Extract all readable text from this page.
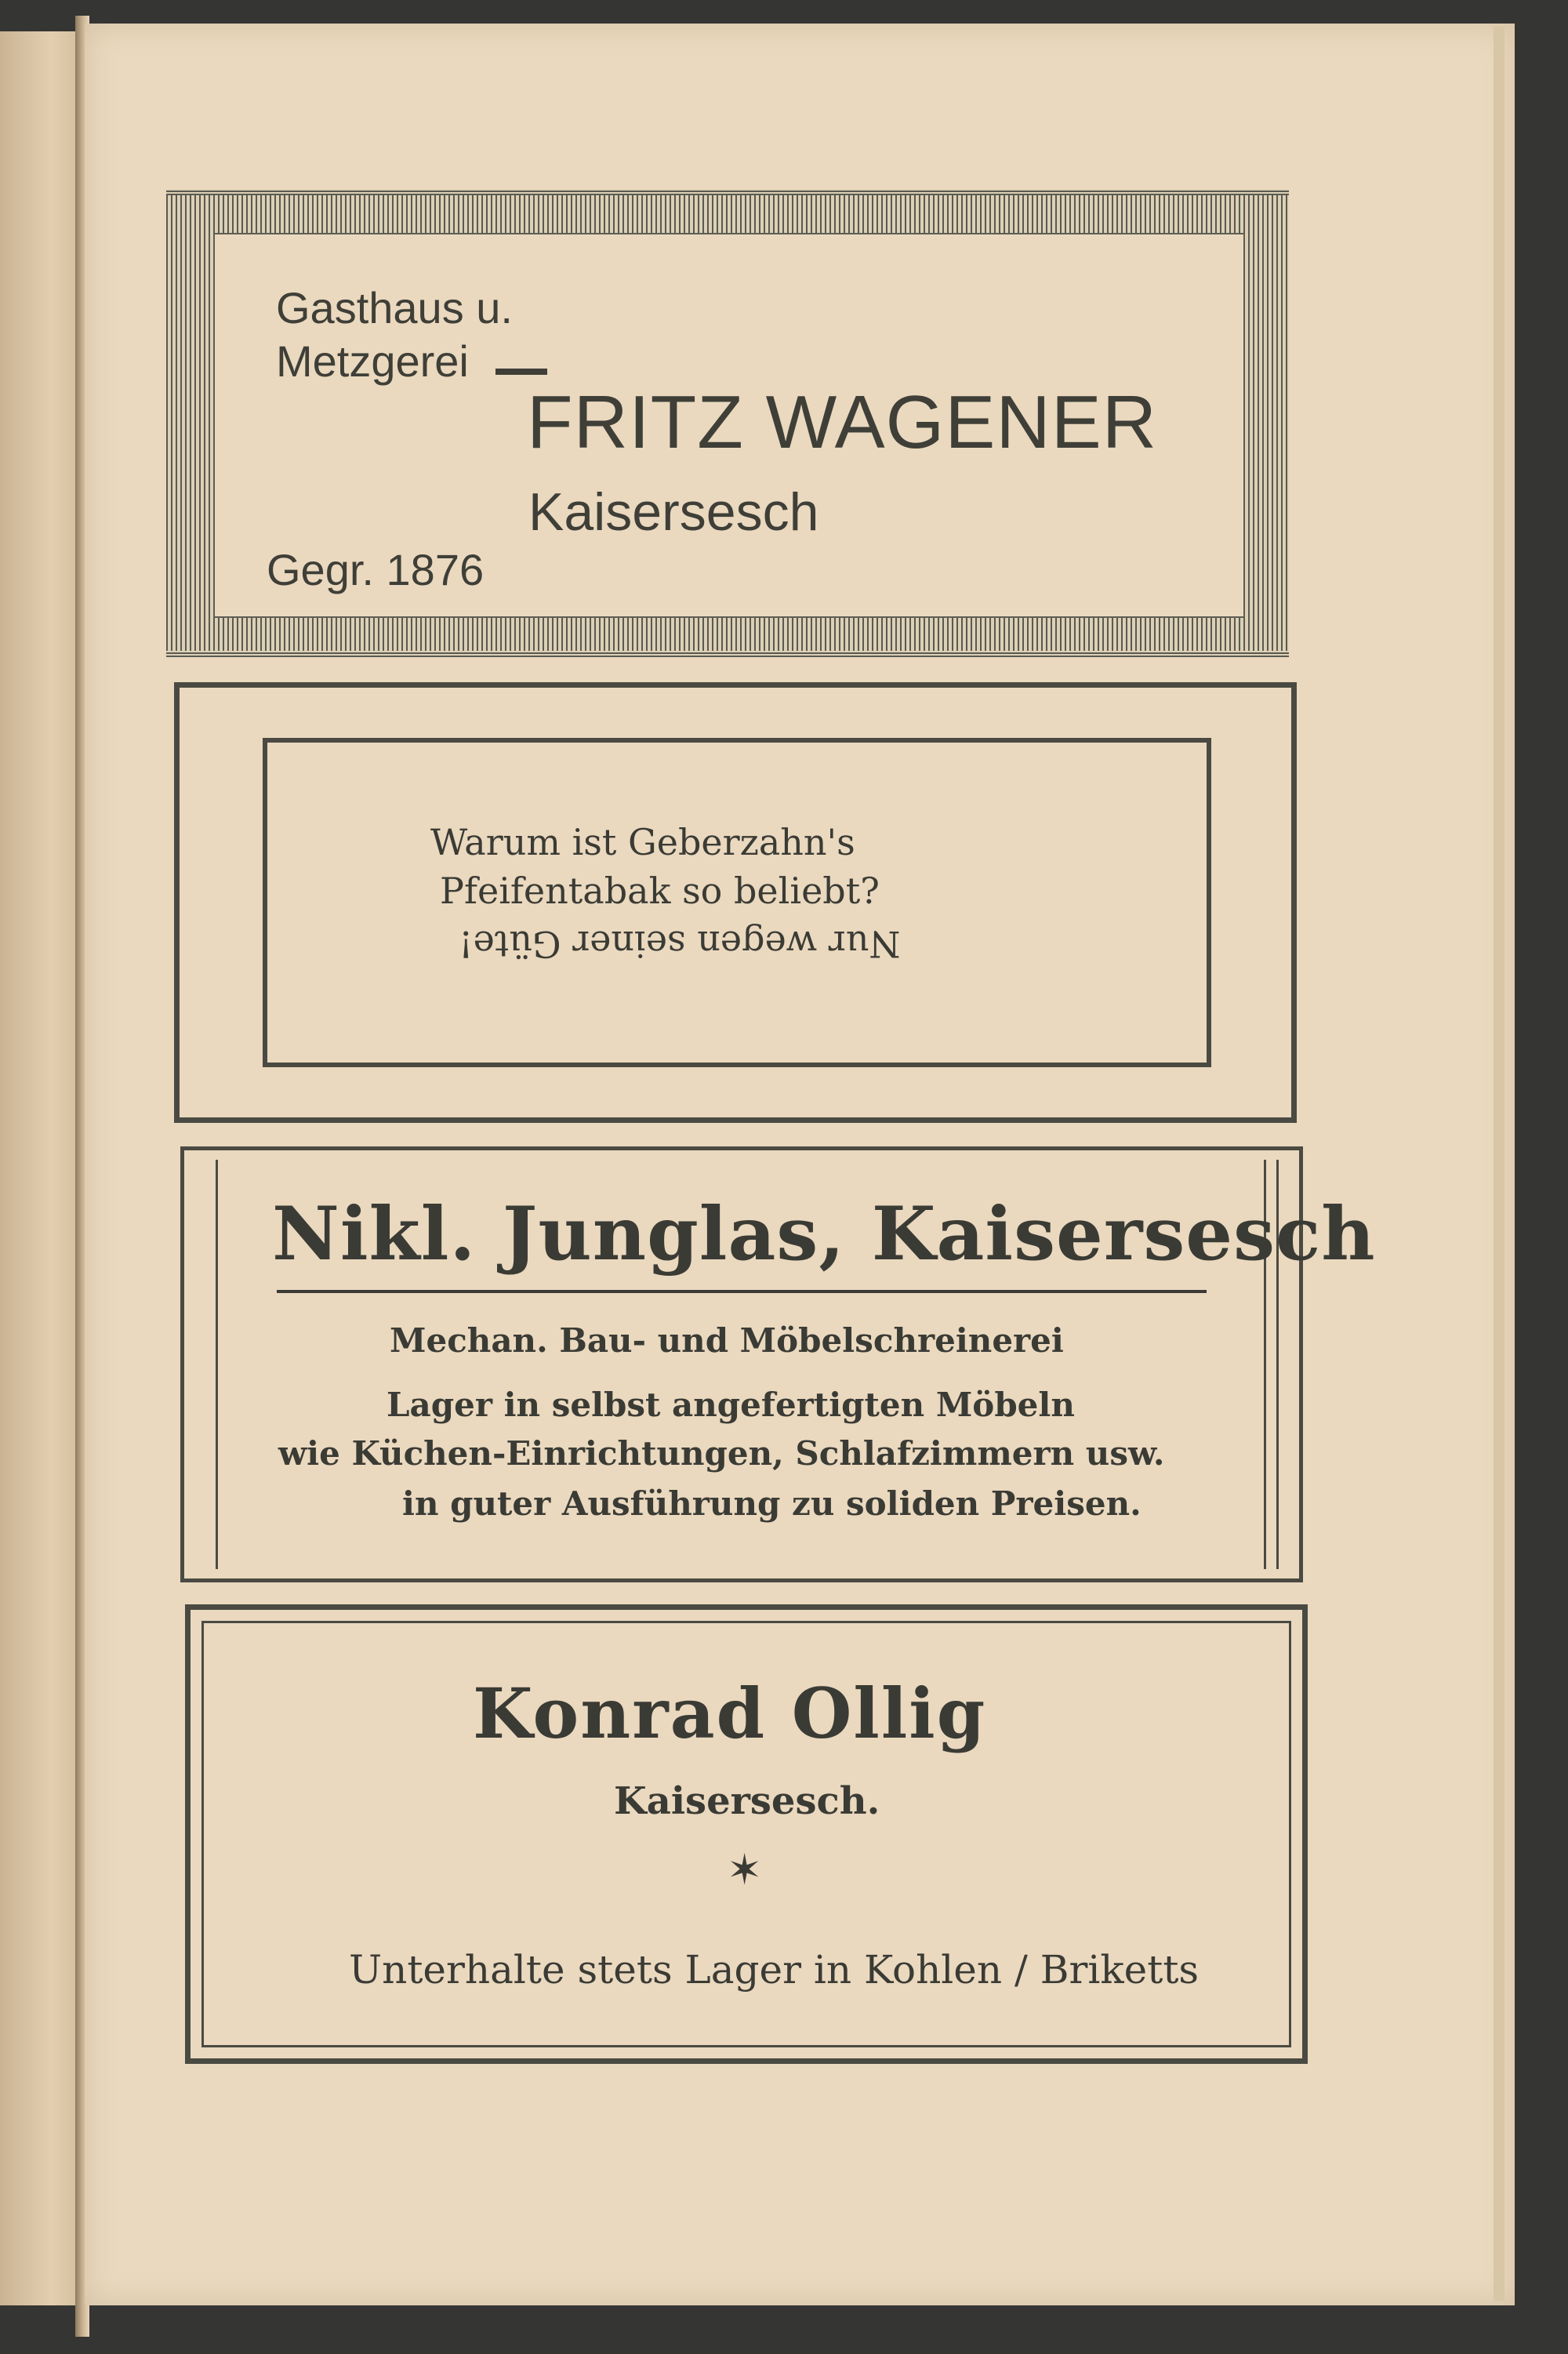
Gasthaus u.
Metzgerei
FRITZ WAGENER
Kaisersesch
Gegr. 1876
Warum ist Geberzahn's
Pfeifentabak so beliebt?
Nur wegen seiner Güte!
Nikl. Junglas, Kaisersesch
Mechan. Bau- und Möbelschreinerei
Lager in selbst angefertigten Möbeln
wie Küchen-Einrichtungen, Schlafzimmern usw.
in guter Ausführung zu soliden Preisen.
Konrad Ollig
Kaisersesch.
✶
Unterhalte stets Lager in Kohlen / Briketts
